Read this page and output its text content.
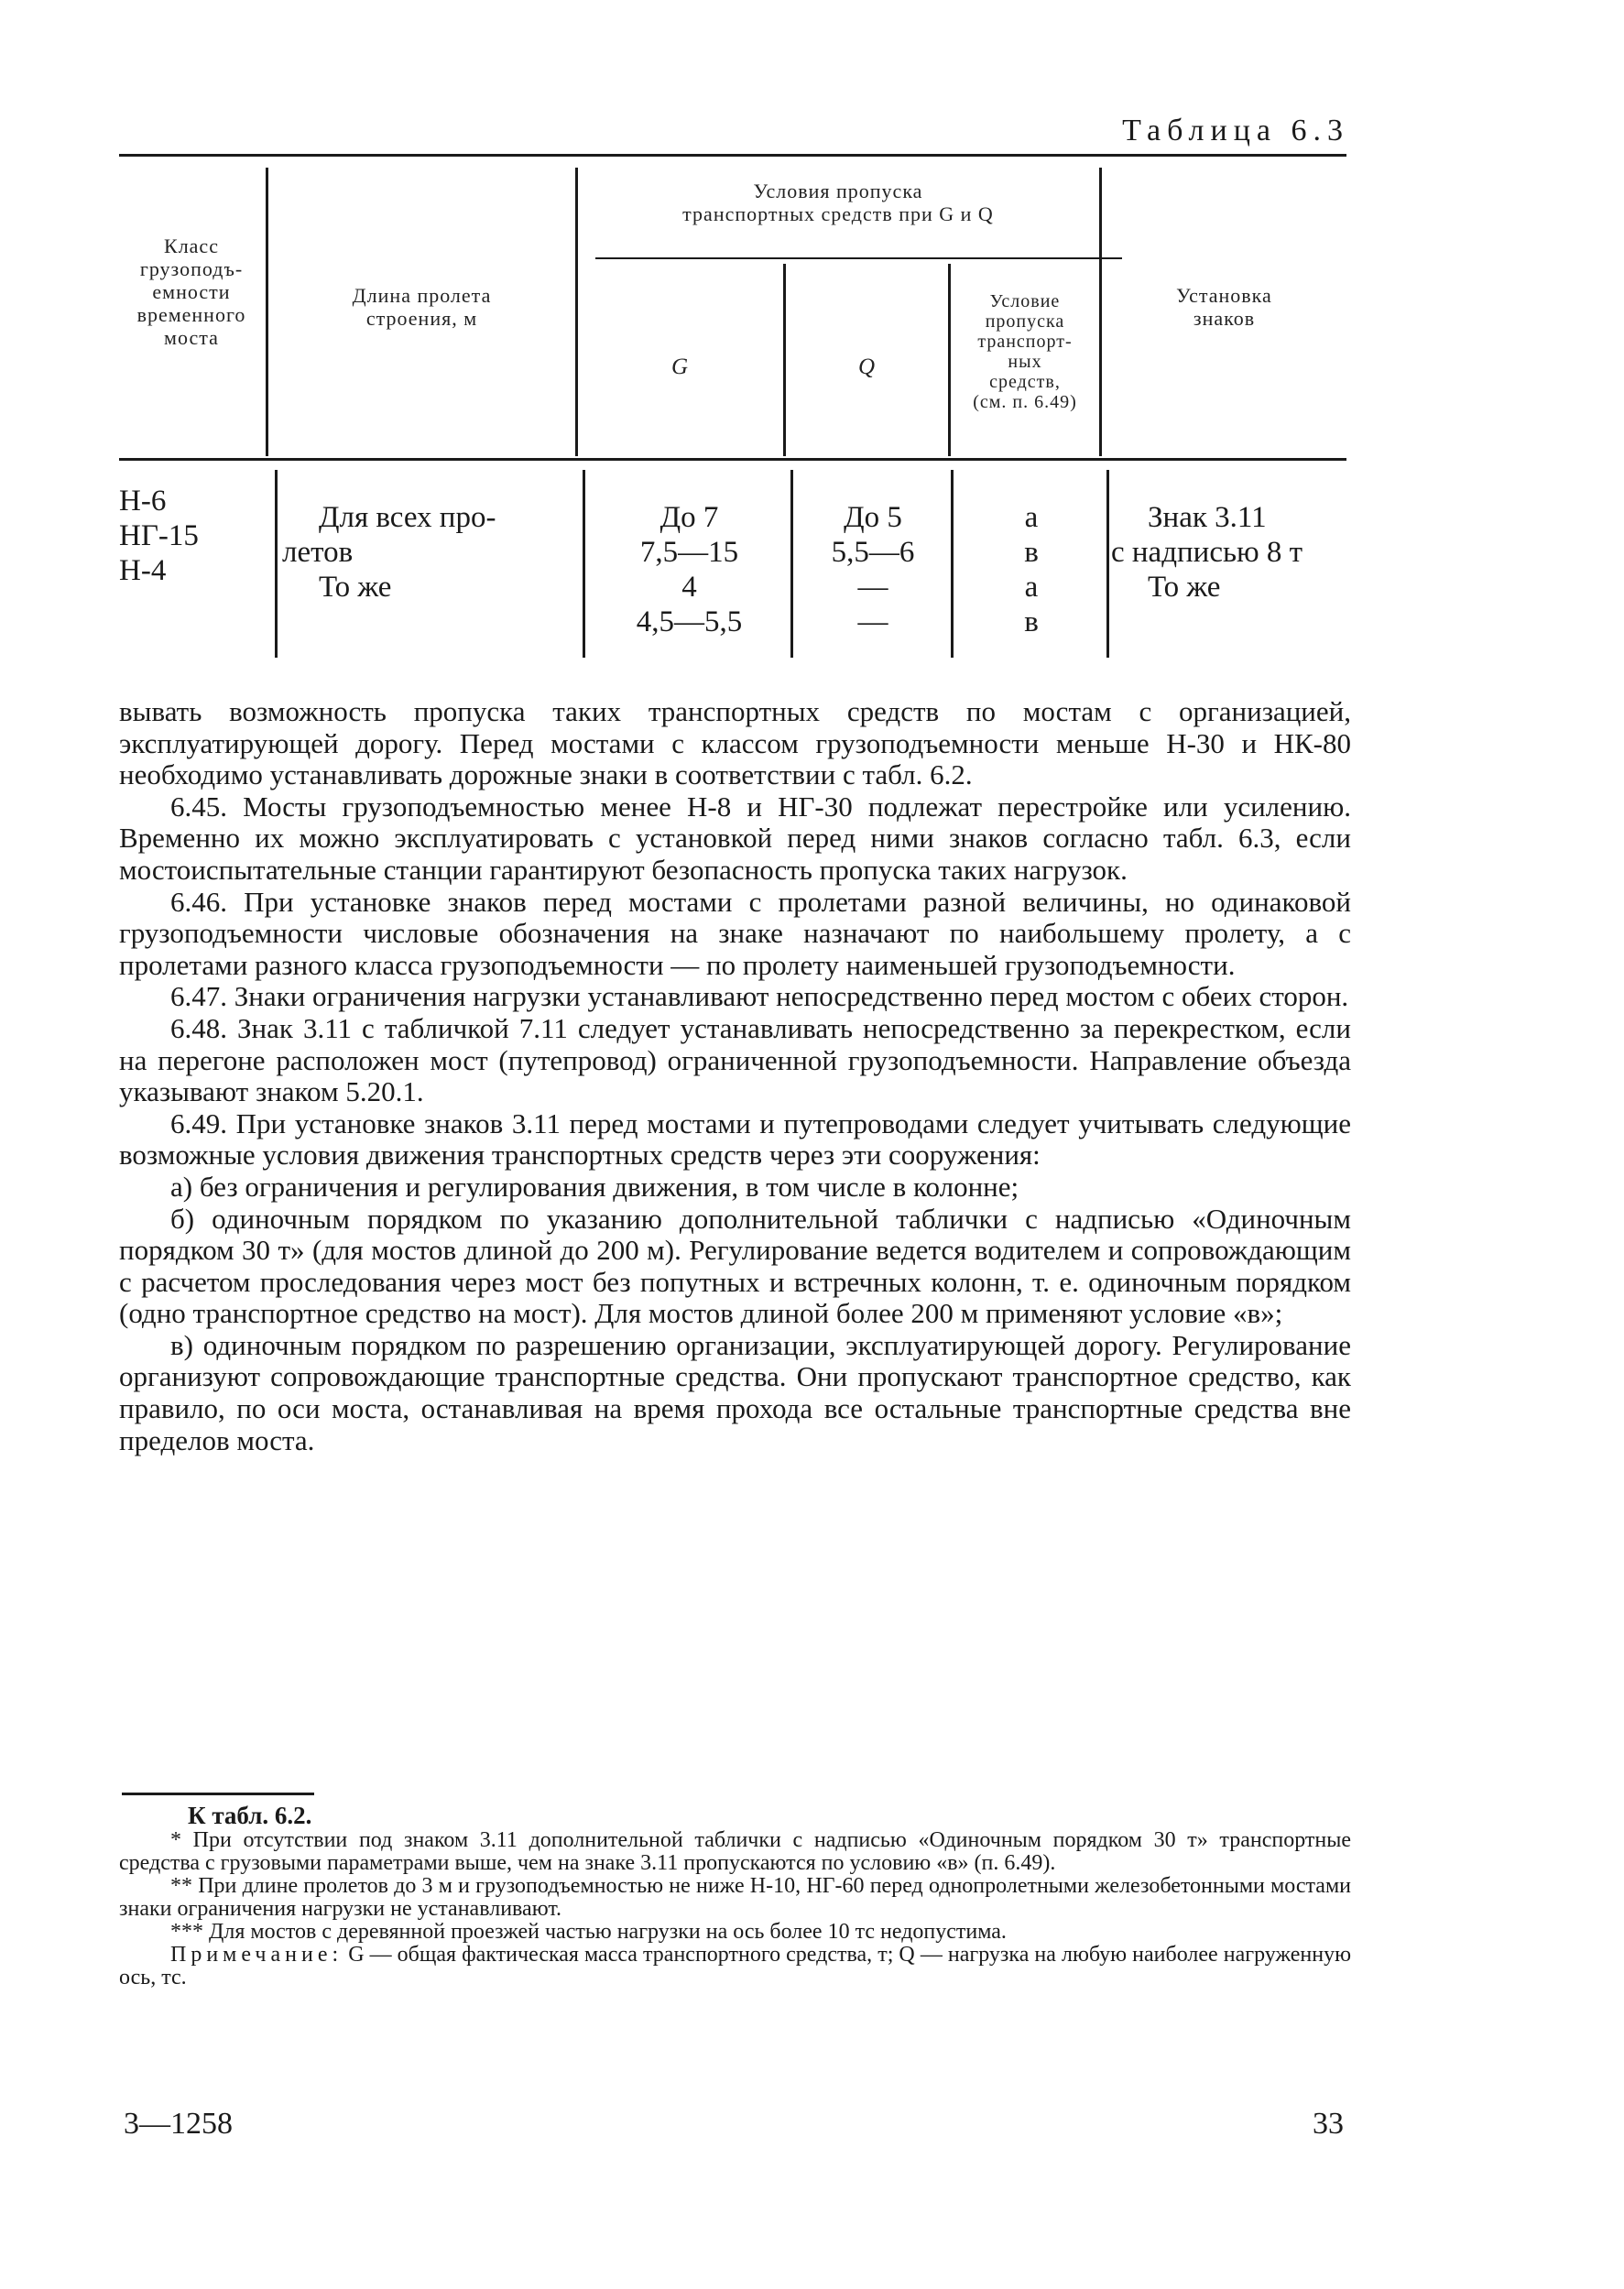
Таблица 6.3
Класс
грузоподъ-
емности
временного
моста
Длина пролета
строения, м
Условия пропуска
транспортных средств при G и Q
G	Q
Условие
пропуска
транспорт-
ных
средств,
(см. п. 6.49)
Установка
знаков
Н-6
НГ-15
Н-4
Для всех про-
летов
То же
До 7
7,5—15
4
4,5—5,5
До 5
5,5—6
—
—
а
в
а
в
Знак 3.11
с надписью 8 т
То же

вывать возможность пропуска таких транспортных средств по мостам с организацией, эксплуатирующей дорогу. Перед мостами с классом грузоподъемности меньше Н-30 и НК-80 необходимо устанавливать дорожные знаки в соответствии с табл. 6.2.

6.45. Мосты грузоподъемностью менее Н-8 и НГ-30 подлежат перестройке или усилению. Временно их можно эксплуатировать с установкой перед ними знаков согласно табл. 6.3, если мостоиспытательные станции гарантируют безопасность пропуска таких нагрузок.

6.46. При установке знаков перед мостами с пролетами разной величины, но одинаковой грузоподъемности числовые обозначения на знаке назначают по наибольшему пролету, а с пролетами разного класса грузоподъемности — по пролету наименьшей грузоподъемности.

6.47. Знаки ограничения нагрузки устанавливают непосредственно перед мостом с обеих сторон.

6.48. Знак 3.11 с табличкой 7.11 следует устанавливать непосредственно за перекрестком, если на перегоне расположен мост (путепровод) ограниченной грузоподъемности. Направление объезда указывают знаком 5.20.1.

6.49. При установке знаков 3.11 перед мостами и путепроводами следует учитывать следующие возможные условия движения транспортных средств через эти сооружения:

а) без ограничения и регулирования движения, в том числе в колонне;

б) одиночным порядком по указанию дополнительной таблички с надписью «Одиночным порядком 30 т» (для мостов длиной до 200 м). Регулирование ведется водителем и сопровождающим с расчетом проследования через мост без попутных и встречных колонн, т. е. одиночным порядком (одно транспортное средство на мост). Для мостов длиной более 200 м применяют условие «в»;

в) одиночным порядком по разрешению организации, эксплуатирующей дорогу. Регулирование организуют сопровождающие транспортные средства. Они пропускают транспортное средство, как правило, по оси моста, останавливая на время прохода все остальные транспортные средства вне пределов моста.

К табл. 6.2.

* При отсутствии под знаком 3.11 дополнительной таблички с надписью «Одиночным порядком 30 т» транспортные средства с грузовыми параметрами выше, чем на знаке 3.11 пропускаются по условию «в» (п. 6.49).

** При длине пролетов до 3 м и грузоподъемностью не ниже Н-10, НГ-60 перед однопролетными железобетонными мостами знаки ограничения нагрузки не устанавливают.

*** Для мостов с деревянной проезжей частью нагрузки на ось более 10 тс недопустима.

Примечание: G — общая фактическая масса транспортного средства, т; Q — нагрузка на любую наиболее нагруженную ось, тс.

3—1258	33
